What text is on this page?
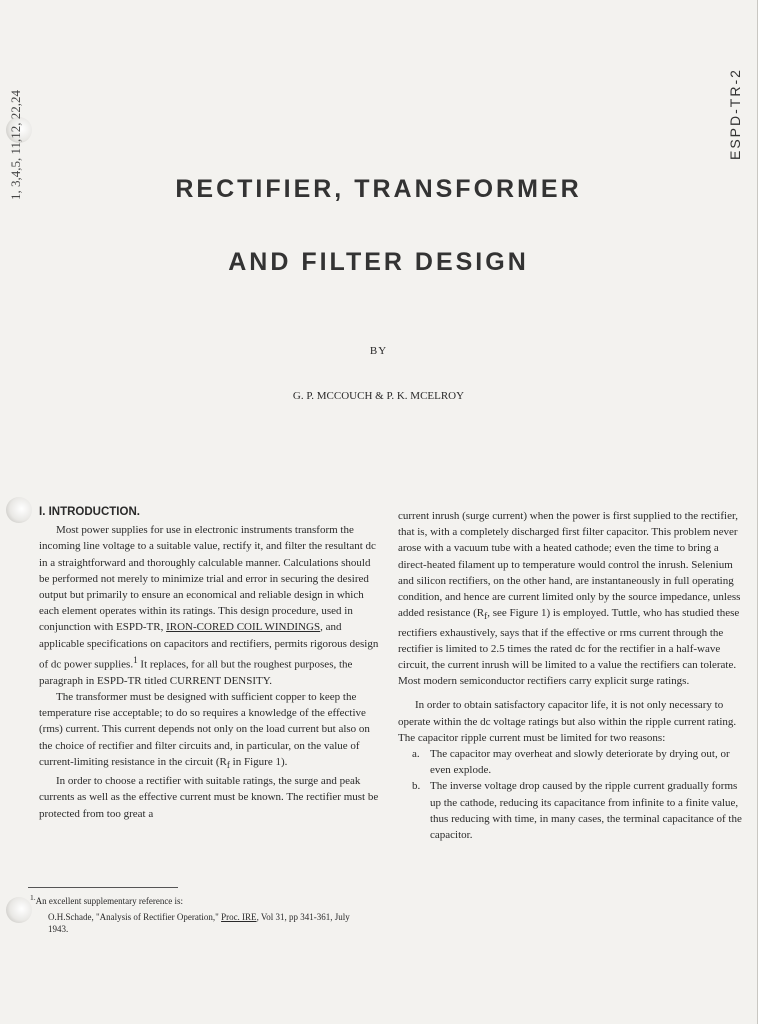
1, 3,4,5, 11,12, 22,24	ESPD-TR-2
RECTIFIER, TRANSFORMER
AND FILTER DESIGN
BY
G. P. MCCOUCH & P. K. MCELROY

I. INTRODUCTION.

Most power supplies for use in electronic instruments transform the incoming line voltage to a suitable value, rectify it, and filter the resultant dc in a straightforward and thoroughly calculable manner. Calculations should be performed not merely to minimize trial and error in securing the desired output but primarily to ensure an economical and reliable design in which each element operates within its ratings. This design procedure, used in conjunction with ESPD-TR, IRON-CORED COIL WINDINGS, and applicable specifications on capacitors and rectifiers, permits rigorous design of dc power supplies.$^1$ It replaces, for all but the roughest purposes, the paragraph in ESPD-TR titled CURRENT DENSITY.

The transformer must be designed with sufficient copper to keep the temperature rise acceptable; to do so requires a knowledge of the effective (rms) current. This current depends not only on the load current but also on the choice of rectifier and filter circuits and, in particular, on the value of current-limiting resistance in the circuit ($R_f$ in Figure 1).

In order to choose a rectifier with suitable ratings, the surge and peak currents as well as the effective current must be known. The rectifier must be protected from too great a

$^{1.}$An excellent supplementary reference is:

O.H.Schade, "Analysis of Rectifier Operation," Proc. IRE, Vol 31, pp 341-361, July 1943.

current inrush (surge current) when the power is first supplied to the rectifier, that is, with a completely discharged first filter capacitor. This problem never arose with a vacuum tube with a heated cathode; even the time to bring a direct-heated filament up to temperature would control the inrush. Selenium and silicon rectifiers, on the other hand, are instantaneously in full operating condition, and hence are current limited only by the source impedance, unless added resistance ($R_f$, see Figure 1) is employed. Tuttle, who has studied these rectifiers exhaustively, says that if the effective or rms current through the rectifier is limited to 2.5 times the rated dc for the rectifier in a half-wave circuit, the current inrush will be limited to a value the rectifiers can tolerate. Most modern semiconductor rectifiers carry explicit surge ratings.

In order to obtain satisfactory capacitor life, it is not only necessary to operate within the dc voltage ratings but also within the ripple current rating. The capacitor ripple current must be limited for two reasons:

a. The capacitor may overheat and slowly deteriorate by drying out, or even explode.
b. The inverse voltage drop caused by the ripple current gradually forms up the cathode, reducing its capacitance from infinite to a finite value, thus reducing with time, in many cases, the terminal capacitance of the capacitor.
